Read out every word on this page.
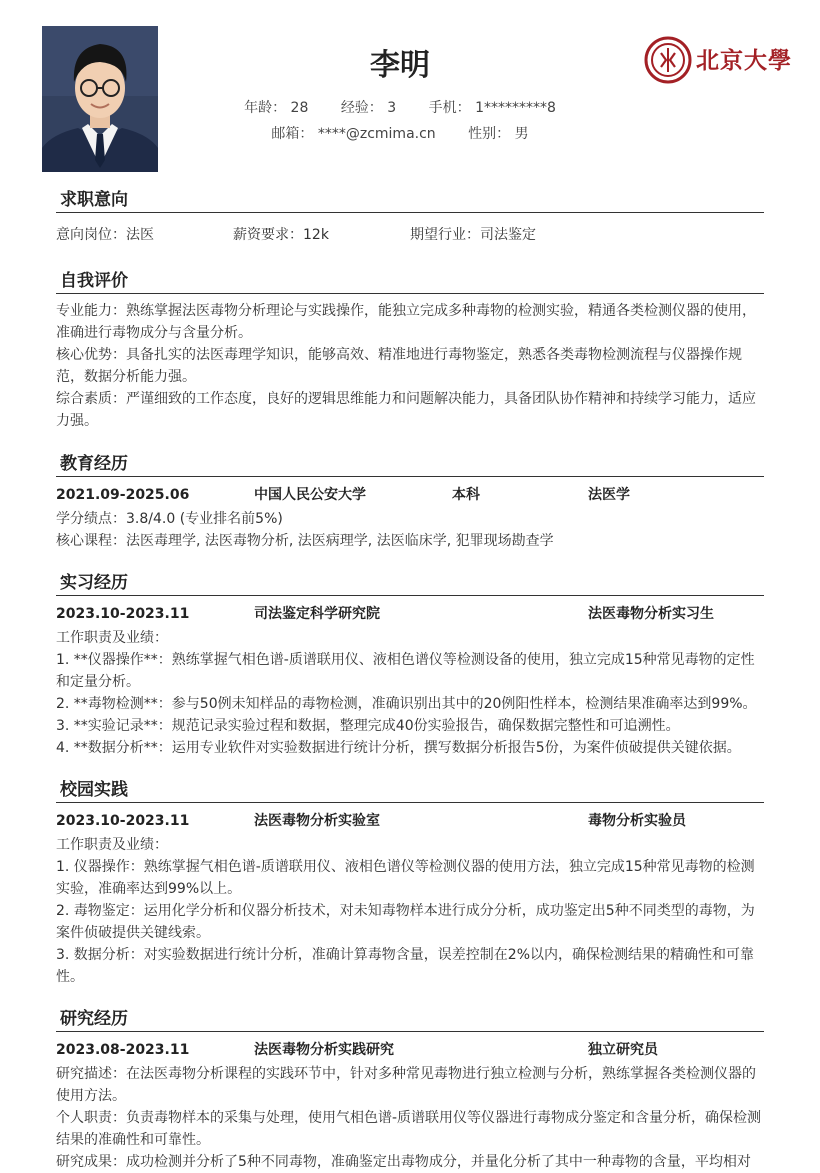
李明
年龄： 28 经验： 3 手机： 1*********8
邮箱： ****@zcmima.cn 性别： 男
北京大學
求职意向
意向岗位：法医	薪资要求：12k	期望行业：司法鉴定
自我评价

专业能力：熟练掌握法医毒物分析理论与实践操作，能独立完成多种毒物的检测实验，精通各类检测仪器的使用，准确进行毒物成分与含量分析。

核心优势：具备扎实的法医毒理学知识，能够高效、精准地进行毒物鉴定，熟悉各类毒物检测流程与仪器操作规范，数据分析能力强。

综合素质：严谨细致的工作态度，良好的逻辑思维能力和问题解决能力，具备团队协作精神和持续学习能力，适应力强。

教育经历
2021.09-2025.06	中国人民公安大学	本科	法医学

学分绩点：3.8/4.0 (专业排名前5%)

核心课程：法医毒理学, 法医毒物分析, 法医病理学, 法医临床学, 犯罪现场勘查学

实习经历
2023.10-2023.11	司法鉴定科学研究院	法医毒物分析实习生

工作职责及业绩：

1. **仪器操作**：熟练掌握气相色谱-质谱联用仪、液相色谱仪等检测设备的使用，独立完成15种常见毒物的定性和定量分析。

2. **毒物检测**：参与50例未知样品的毒物检测，准确识别出其中的20例阳性样本，检测结果准确率达到99%。

3. **实验记录**：规范记录实验过程和数据，整理完成40份实验报告，确保数据完整性和可追溯性。

4. **数据分析**：运用专业软件对实验数据进行统计分析，撰写数据分析报告5份，为案件侦破提供关键依据。

校园实践
2023.10-2023.11	法医毒物分析实验室	毒物分析实验员

工作职责及业绩：

1. 仪器操作：熟练掌握气相色谱-质谱联用仪、液相色谱仪等检测仪器的使用方法，独立完成15种常见毒物的检测实验，准确率达到99%以上。

2. 毒物鉴定：运用化学分析和仪器分析技术，对未知毒物样本进行成分分析，成功鉴定出5种不同类型的毒物，为案件侦破提供关键线索。

3. 数据分析：对实验数据进行统计分析，准确计算毒物含量，误差控制在2%以内，确保检测结果的精确性和可靠性。

研究经历
2023.08-2023.11	法医毒物分析实践研究	独立研究员

研究描述：在法医毒物分析课程的实践环节中，针对多种常见毒物进行独立检测与分析，熟练掌握各类检测仪器的使用方法。

个人职责：负责毒物样本的采集与处理，使用气相色谱-质谱联用仪等仪器进行毒物成分鉴定和含量分析，确保检测结果的准确性和可靠性。

研究成果：成功检测并分析了5种不同毒物，准确鉴定出毒物成分，并量化分析了其中一种毒物的含量，平均相对
